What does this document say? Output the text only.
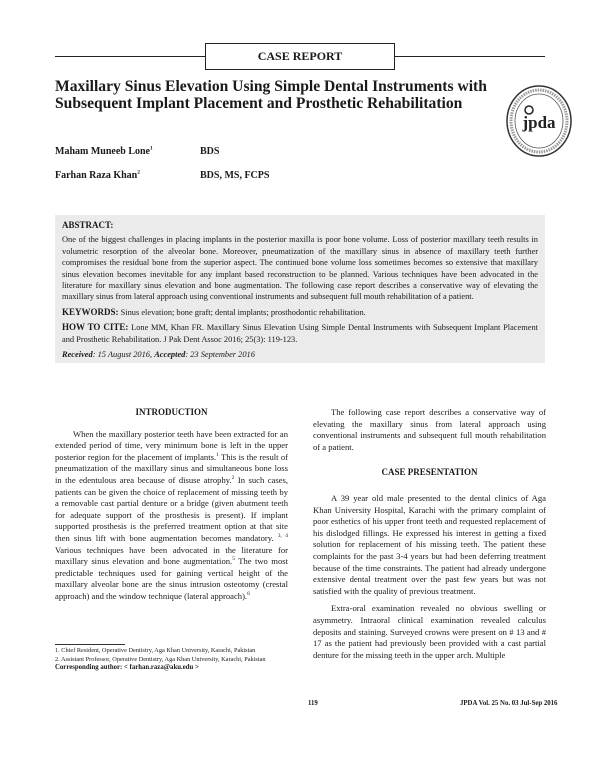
CASE REPORT
Maxillary Sinus Elevation Using Simple Dental Instruments with Subsequent Implant Placement and Prosthetic Rehabilitation
jpda
Maham Muneeb Lone$^1$	BDS
Farhan Raza Khan$^2$	BDS, MS, FCPS

ABSTRACT:

One of the biggest challenges in placing implants in the posterior maxilla is poor bone volume. Loss of posterior maxillary teeth results in volumetric resorption of the alveolar bone. Moreover, pneumatization of the maxillary sinus in absence of maxillary teeth further compromises the residual bone from the superior aspect. The continued bone volume loss sometimes becomes so extensive that maxillary sinus elevation becomes inevitable for any implant based reconstruction to be planned. Various techniques have been advocated in the literature for maxillary sinus elevation and bone augmentation. The following case report describes a conservative way of elevating the maxillary sinus from lateral approach using conventional instruments and subsequent full mouth rehabilitation of a patient.

KEYWORDS: Sinus elevation; bone graft; dental implants; prosthodontic rehabilitation.

HOW TO CITE: Lone MM, Khan FR. Maxillary Sinus Elevation Using Simple Dental Instruments with Subsequent Implant Placement and Prosthetic Rehabilitation. J Pak Dent Assoc 2016; 25(3): 119-123.

Received: 15 August 2016, Accepted: 23 September 2016

INTRODUCTION

When the maxillary posterior teeth have been extracted for an extended period of time, very minimum bone is left in the upper posterior region for the placement of implants.$^1$ This is the result of pneumatization of the maxillary sinus and simultaneous bone loss in the edentulous area because of disuse atrophy.$^2$ In such cases, patients can be given the choice of replacement of missing teeth by a removable cast partial denture or a bridge (given abutment teeth for adequate support of the prosthesis is present). If implant supported prosthesis is the preferred treatment option at that site then sinus lift with bone augmentation becomes mandatory. $^{3, 4}$ Various techniques have been advocated in the literature for maxillary sinus elevation and bone augmentation.$^5$ The two most predictable techniques used for gaining vertical height of the maxillary alveolar bone are the sinus intrusion osteotomy (crestal approach) and the window technique (lateral approach).$^6$

The following case report describes a conservative way of elevating the maxillary sinus from lateral approach using conventional instruments and subsequent full mouth rehabilitation of a patient.

CASE PRESENTATION

A 39 year old male presented to the dental clinics of Aga Khan University Hospital, Karachi with the primary complaint of poor esthetics of his upper front teeth and requested replacement of his dislodged fillings. He expressed his interest in getting a fixed solution for replacement of his missing teeth. The patient these complaints for the past 3-4 years but had been deferring treatment because of the time constraints. The patient had already undergone extensive dental treatment over the past few years but was not satisfied with the quality of previous treatment.

Extra-oral examination revealed no obvious swelling or asymmetry. Intraoral clinical examination revealed calculus deposits and staining. Surveyed crowns were present on # 13 and # 17 as the patient had previously been provided with a cast partial denture for the missing teeth in the upper arch. Multiple

1. Chief Resident, Operative Dentistry, Aga Khan University, Karachi, Pakistan
2. Assistant Professor, Operative Dentistry, Aga Khan University, Karachi, Pakistan
Corresponding author: < farhan.raza@aku.edu >
119	JPDA Vol. 25 No. 03 Jul-Sep 2016
